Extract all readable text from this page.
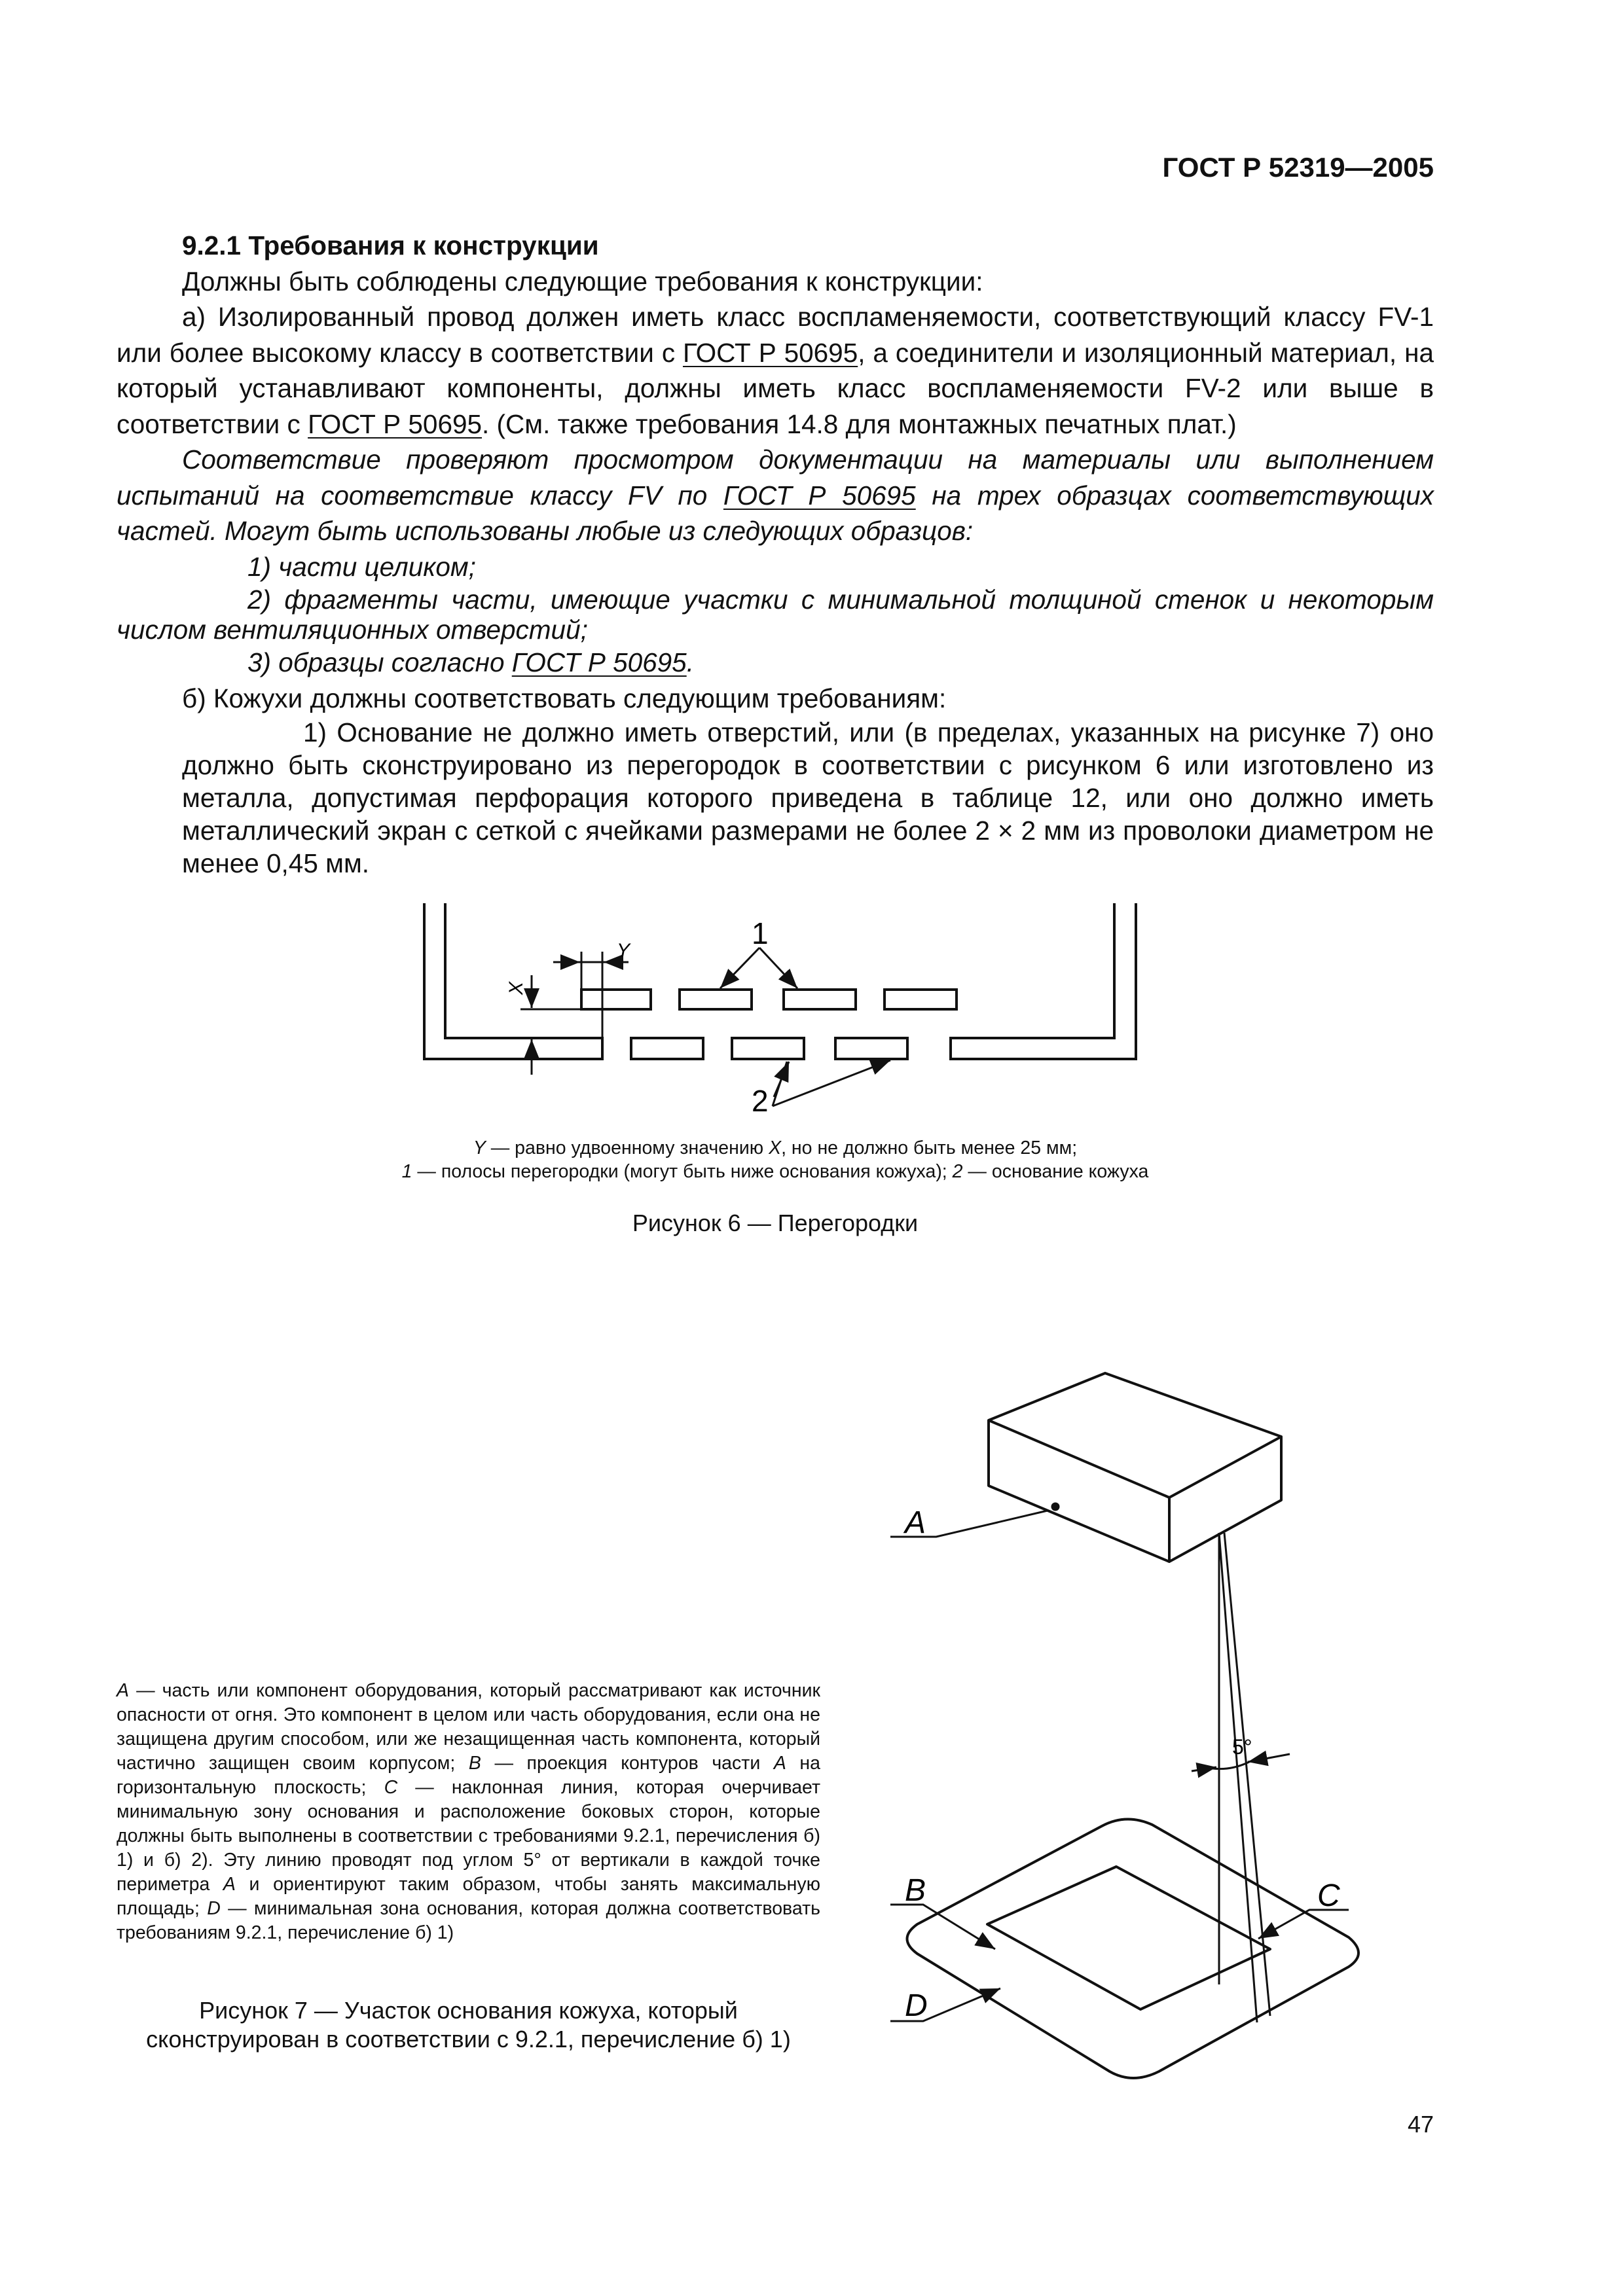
ГОСТ Р 52319—2005

9.2.1 Требования к конструкции

Должны быть соблюдены следующие требования к конструкции:

а) Изолированный провод должен иметь класс воспламеняемости, соответствующий классу FV-1 или более высокому классу в соответствии с ГОСТ Р 50695, а соединители и изоляционный материал, на который устанавливают компоненты, должны иметь класс воспламеняемости FV-2 или выше в соответствии с ГОСТ Р 50695. (См. также требования 14.8 для монтажных печатных плат.)

Соответствие проверяют просмотром документации на материалы или выполнением испытаний на соответствие классу FV по ГОСТ Р 50695 на трех образцах соответствующих частей. Могут быть использованы любые из следующих образцов:

1) части целиком;

2) фрагменты части, имеющие участки с минимальной толщиной стенок и некоторым числом вентиляционных отверстий;

3) образцы согласно ГОСТ Р 50695.

б) Кожухи должны соответствовать следующим требованиям:

1) Основание не должно иметь отверстий, или (в пределах, указанных на рисунке 7) оно должно быть сконструировано из перегородок в соответствии с рисунком 6 или изготовлено из металла, допустимая перфорация которого приведена в таблице 12, или оно должно иметь металлический экран с сеткой с ячейками размерами не более 2 × 2 мм из проволоки диаметром не менее 0,45 мм.

Y
X
1
2
Y — равно удвоенному значению X, но не должно быть менее 25 мм;
1 — полосы перегородки (могут быть ниже основания кожуха); 2 — основание кожуха
Рисунок 6 — Перегородки
A
5°
B	C
D

A — часть или компонент оборудования, который рассматривают как источник опасности от огня. Это компонент в целом или часть оборудования, если она не защищена другим способом, или же незащищенная часть компонента, который частично защищен своим корпусом; B — проекция контуров части A на горизонтальную плоскость; C — наклонная линия, которая очерчивает минимальную зону основания и расположение боковых сторон, которые должны быть выполнены в соответствии с требованиями 9.2.1, перечисления б) 1) и б) 2). Эту линию проводят под углом 5° от вертикали в каждой точке периметра A и ориентируют таким образом, чтобы занять максимальную площадь; D — минимальная зона основания, которая должна соответствовать требованиям 9.2.1, перечисление б) 1)

Рисунок 7 — Участок основания кожуха, который
сконструирован в соответствии с 9.2.1, перечисление б) 1)
47
